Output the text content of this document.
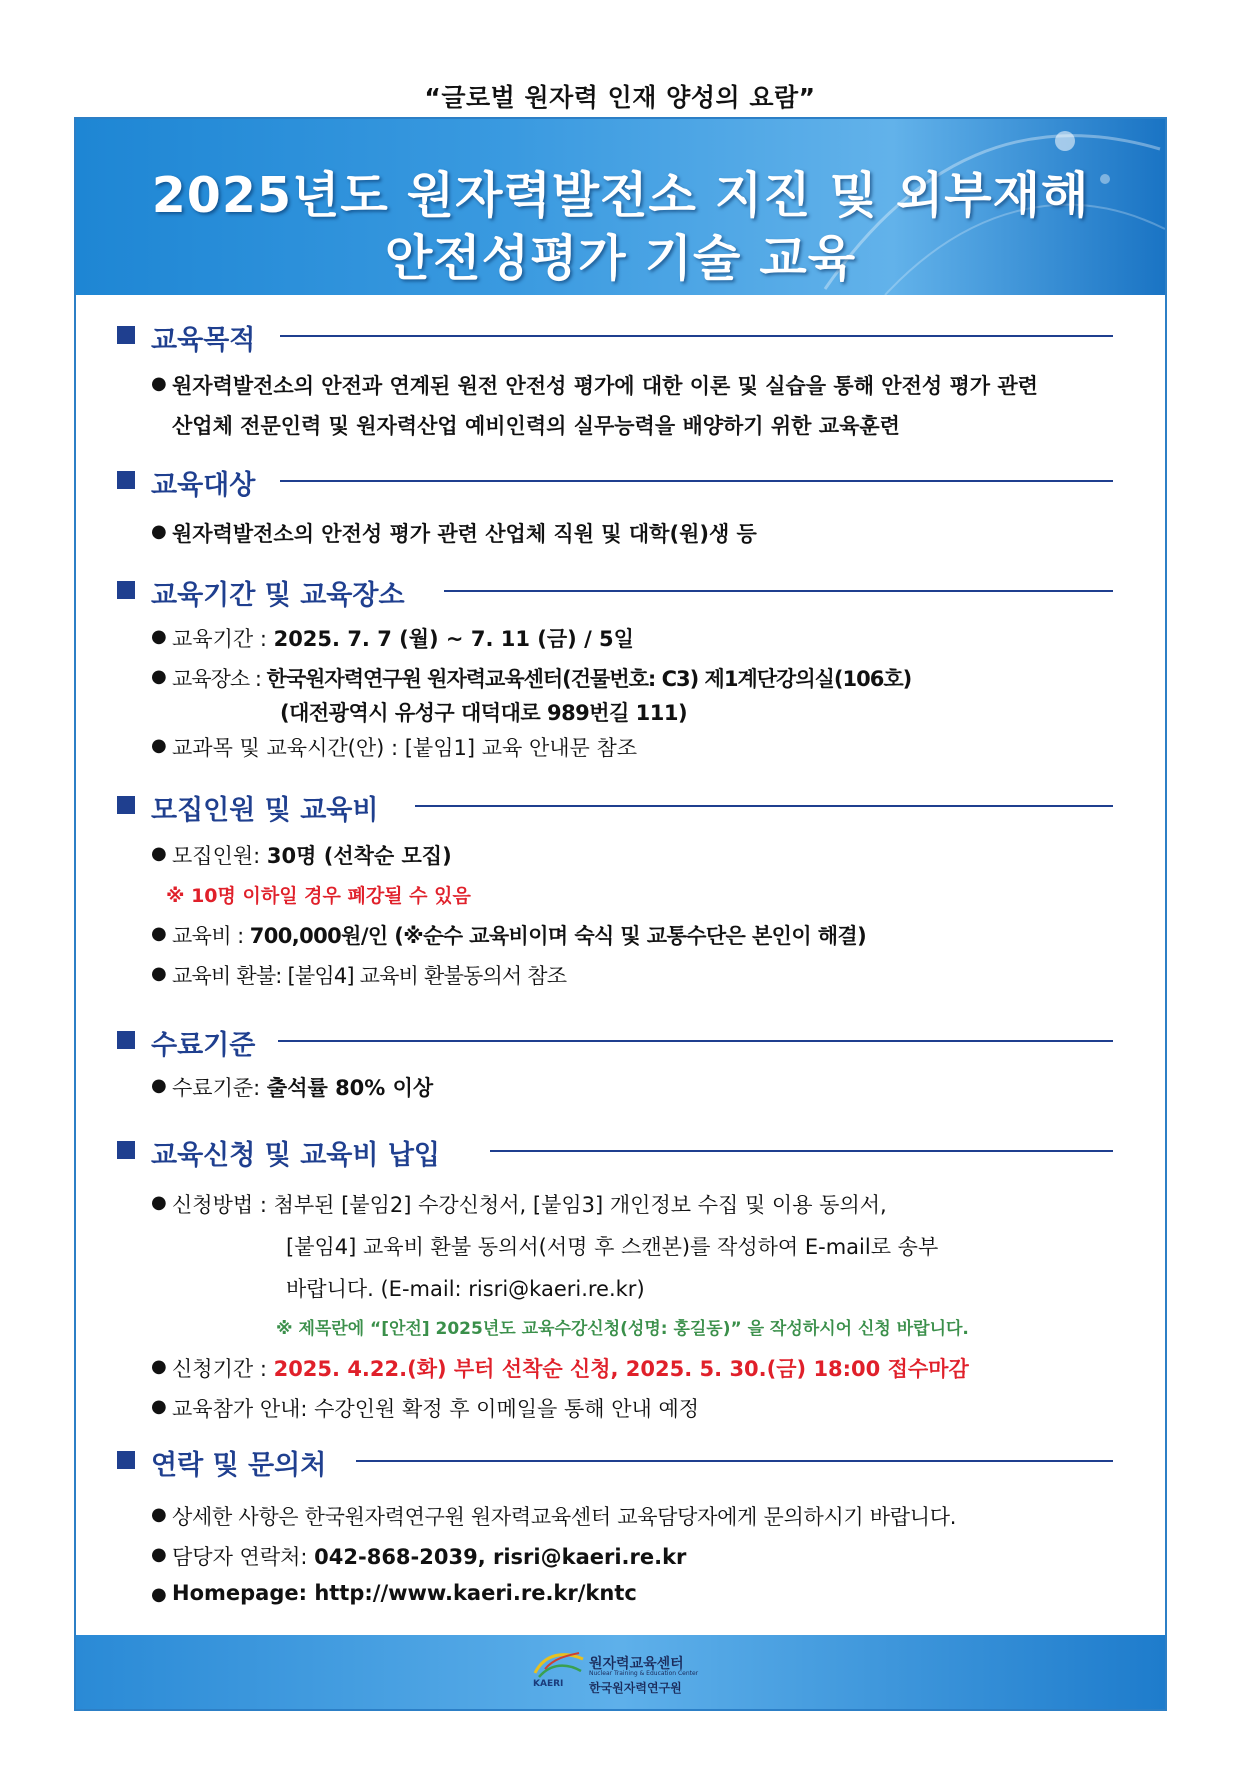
“글로벌 원자력 인재 양성의 요람”
2025년도 원자력발전소 지진 및 외부재해
안전성평가 기술 교육
KAERI
원자력교육센터
Nuclear Training & Education Center
한국원자력연구원
교육목적
● 원자력발전소의 안전과 연계된 원전 안전성 평가에 대한 이론 및 실습을 통해 안전성 평가 관련
산업체 전문인력 및 원자력산업 예비인력의 실무능력을 배양하기 위한 교육훈련
교육대상
● 원자력발전소의 안전성 평가 관련 산업체 직원 및 대학(원)생 등
교육기간 및 교육장소
● 교육기간 : 2025. 7. 7 (월) ~ 7. 11 (금) / 5일
● 교육장소 : 한국원자력연구원 원자력교육센터(건물번호: C3) 제1계단강의실(106호)
(대전광역시 유성구 대덕대로 989번길 111)
● 교과목 및 교육시간(안) : [붙임1] 교육 안내문 참조
모집인원 및 교육비
● 모집인원: 30명 (선착순 모집)
※ 10명 이하일 경우 폐강될 수 있음
● 교육비 : 700,000원/인 (※순수 교육비이며 숙식 및 교통수단은 본인이 해결)
● 교육비 환불: [붙임4] 교육비 환불동의서 참조
수료기준
● 수료기준: 출석률 80% 이상
교육신청 및 교육비 납입
● 신청방법 : 첨부된 [붙임2] 수강신청서, [붙임3] 개인정보 수집 및 이용 동의서,
[붙임4] 교육비 환불 동의서(서명 후 스캔본)를 작성하여 E-mail로 송부
바랍니다. (E-mail: risri@kaeri.re.kr)
※ 제목란에 “[안전] 2025년도 교육수강신청(성명: 홍길동)” 을 작성하시어 신청 바랍니다.
● 신청기간 : 2025. 4.22.(화) 부터 선착순 신청, 2025. 5. 30.(금) 18:00 접수마감
● 교육참가 안내: 수강인원 확정 후 이메일을 통해 안내 예정
연락 및 문의처
● 상세한 사항은 한국원자력연구원 원자력교육센터 교육담당자에게 문의하시기 바랍니다.
● 담당자 연락처: 042-868-2039, risri@kaeri.re.kr
● Homepage: http://www.kaeri.re.kr/kntc
